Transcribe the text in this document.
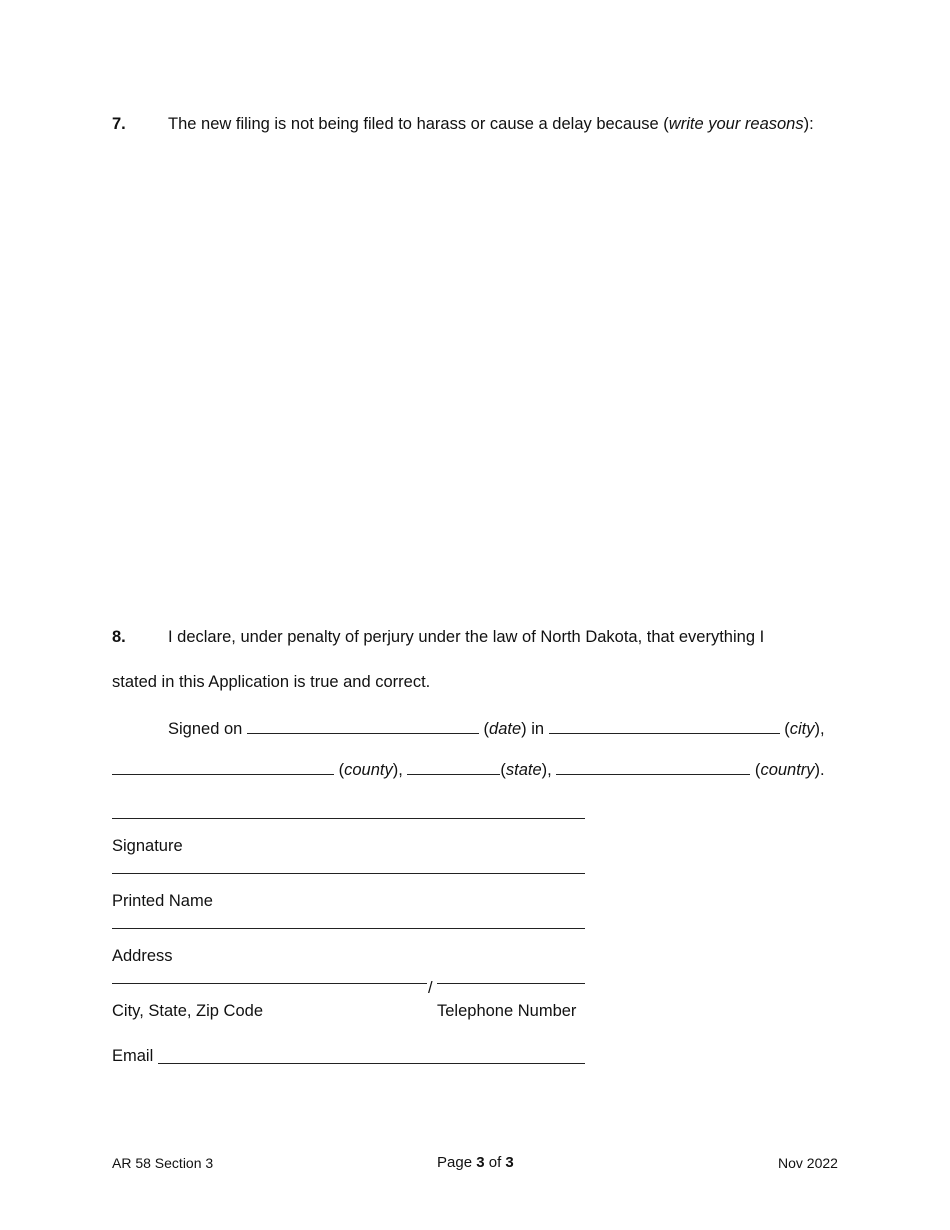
7.	The new filing is not being filed to harass or cause a delay because (write your reasons):
8.	I declare, under penalty of perjury under the law of North Dakota, that everything I
stated in this Application is true and correct.
Signed on	(date) in	(city),
(county),	(state),	(country).
Signature
Printed Name
Address
/
City, State, Zip Code	Telephone Number
Email
AR 58 Section 3	Page 3 of 3	Nov 2022
